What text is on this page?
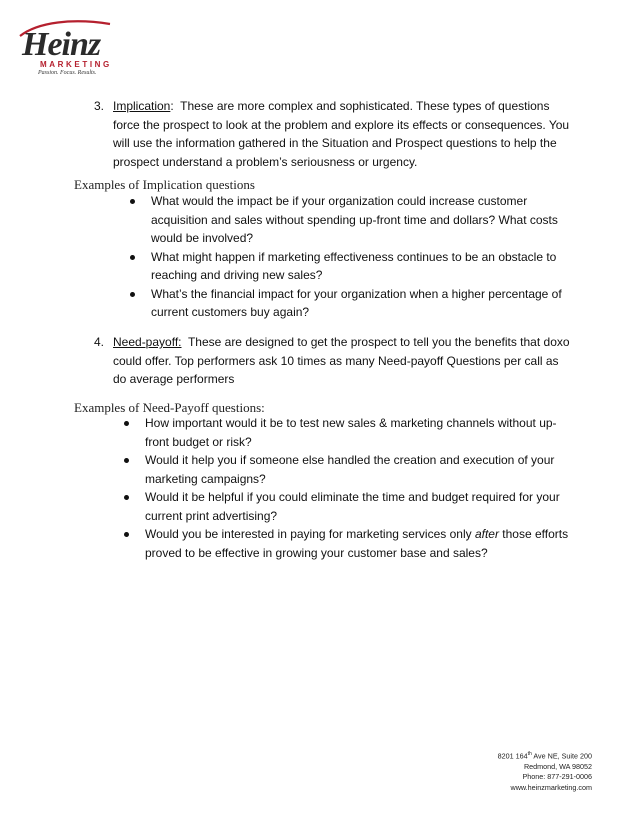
Heinz
MARKETING
Passion. Focus. Results.
3. Implication: These are more complex and sophisticated. These types of questions force the prospect to look at the problem and explore its effects or consequences. You will use the information gathered in the Situation and Prospect questions to help the prospect understand a problem’s seriousness or urgency.
Examples of Implication questions
What would the impact be if your organization could increase customer acquisition and sales without spending up-front time and dollars? What costs would be involved?
What might happen if marketing effectiveness continues to be an obstacle to reaching and driving new sales?
What’s the financial impact for your organization when a higher percentage of current customers buy again?
4. Need-payoff: These are designed to get the prospect to tell you the benefits that doxo could offer. Top performers ask 10 times as many Need-payoff Questions per call as do average performers
Examples of Need-Payoff questions:
How important would it be to test new sales & marketing channels without up-front budget or risk?
Would it help you if someone else handled the creation and execution of your marketing campaigns?
Would it be helpful if you could eliminate the time and budget required for your current print advertising?
Would you be interested in paying for marketing services only after those efforts proved to be effective in growing your customer base and sales?
8201 164th Ave NE, Suite 200
Redmond, WA 98052
Phone: 877-291-0006
www.heinzmarketing.com
